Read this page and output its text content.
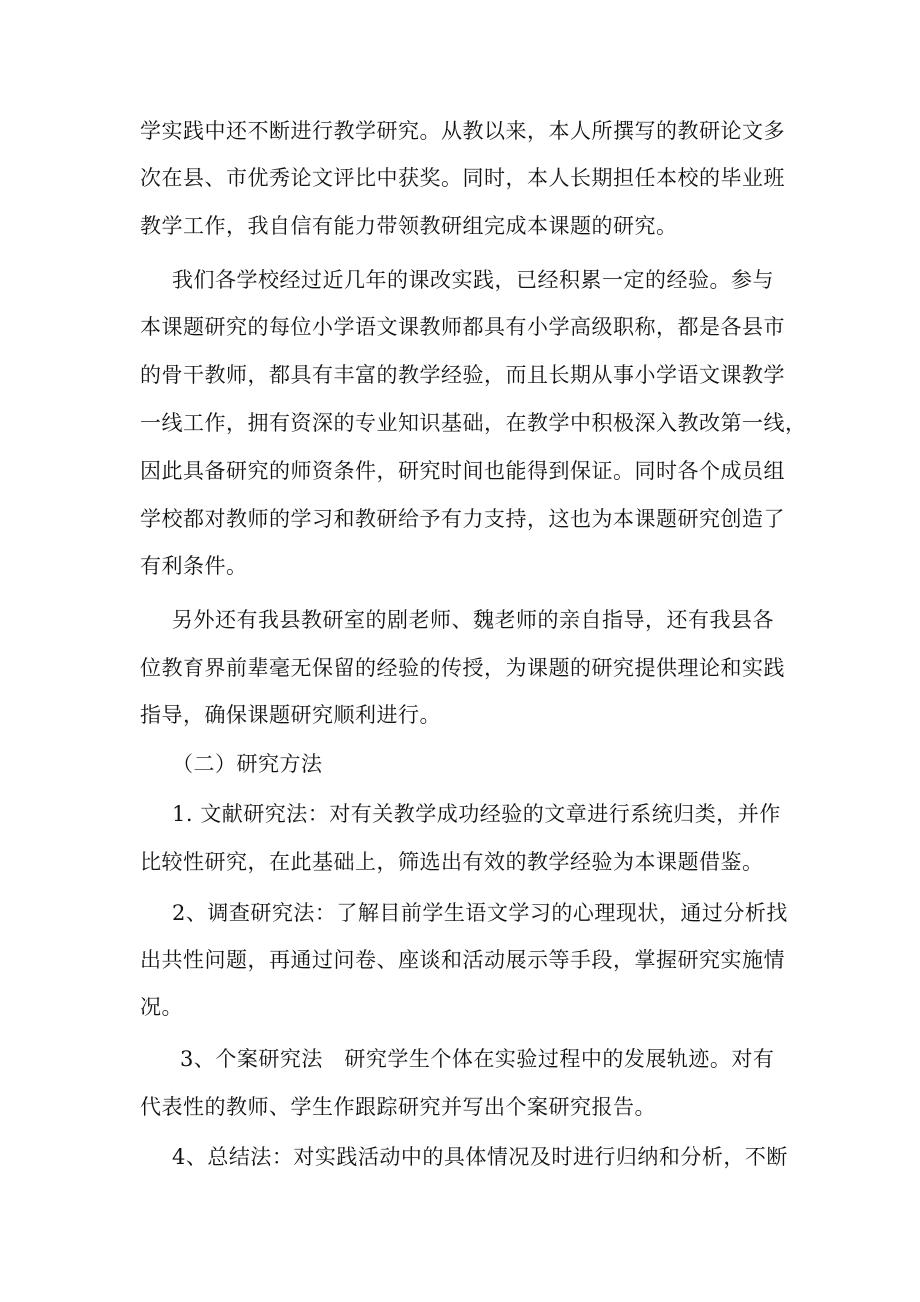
学实践中还不断进行教学研究。从教以来，本人所撰写的教研论文多
次在县、市优秀论文评比中获奖。同时，本人长期担任本校的毕业班
教学工作，我自信有能力带领教研组完成本课题的研究。
我们各学校经过近几年的课改实践，已经积累一定的经验。参与
本课题研究的每位小学语文课教师都具有小学高级职称，都是各县市
的骨干教师，都具有丰富的教学经验，而且长期从事小学语文课教学
一线工作，拥有资深的专业知识基础，在教学中积极深入教改第一线，
因此具备研究的师资条件，研究时间也能得到保证。同时各个成员组
学校都对教师的学习和教研给予有力支持，这也为本课题研究创造了
有利条件。
另外还有我县教研室的剧老师、魏老师的亲自指导，还有我县各
位教育界前辈毫无保留的经验的传授，为课题的研究提供理论和实践
指导，确保课题研究顺利进行。
（二）研究方法
1. 文献研究法：对有关教学成功经验的文章进行系统归类，并作
比较性研究，在此基础上，筛选出有效的教学经验为本课题借鉴。
2、调查研究法：了解目前学生语文学习的心理现状，通过分析找
出共性问题，再通过问卷、座谈和活动展示等手段，掌握研究实施情
况。
3、个案研究法　研究学生个体在实验过程中的发展轨迹。对有
代表性的教师、学生作跟踪研究并写出个案研究报告。
4、总结法：对实践活动中的具体情况及时进行归纳和分析，不断
